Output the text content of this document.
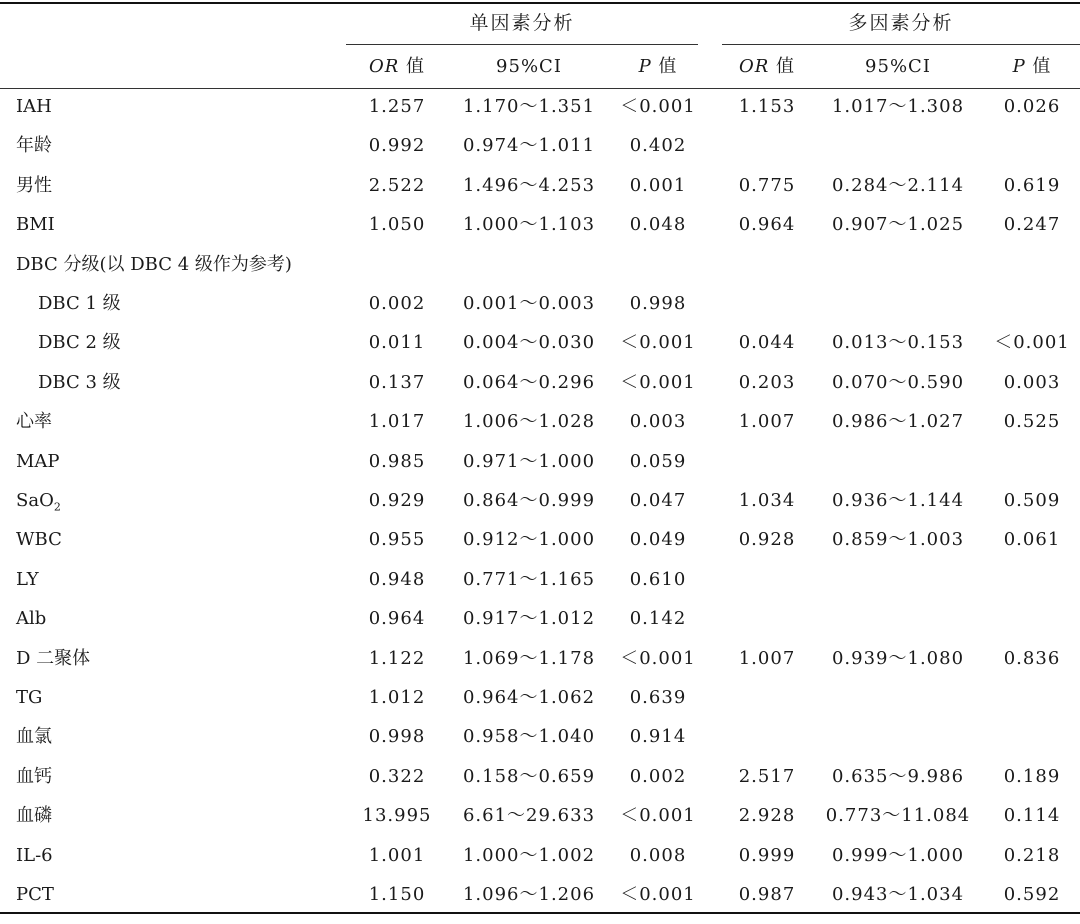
单因素分析	多因素分析
OR 值	95%CI	P 值	OR 值	95%CI	P 值
IAH	1.257	1.170～1.351	＜0.001	1.153	1.017～1.308	0.026
年龄	0.992	0.974～1.011	0.402
男性	2.522	1.496～4.253	0.001	0.775	0.284～2.114	0.619
BMI	1.050	1.000～1.103	0.048	0.964	0.907～1.025	0.247
DBC 分级(以 DBC 4 级作为参考)
DBC 1 级	0.002	0.001～0.003	0.998
DBC 2 级	0.011	0.004～0.030	＜0.001	0.044	0.013～0.153	＜0.001
DBC 3 级	0.137	0.064～0.296	＜0.001	0.203	0.070～0.590	0.003
心率	1.017	1.006～1.028	0.003	1.007	0.986～1.027	0.525
MAP	0.985	0.971～1.000	0.059
SaO$_2$	0.929	0.864～0.999	0.047	1.034	0.936～1.144	0.509
WBC	0.955	0.912～1.000	0.049	0.928	0.859～1.003	0.061
LY	0.948	0.771～1.165	0.610
Alb	0.964	0.917～1.012	0.142
D 二聚体	1.122	1.069～1.178	＜0.001	1.007	0.939～1.080	0.836
TG	1.012	0.964～1.062	0.639
血氯	0.998	0.958～1.040	0.914
血钙	0.322	0.158～0.659	0.002	2.517	0.635～9.986	0.189
血磷	13.995	6.61～29.633	＜0.001	2.928	0.773～11.084	0.114
IL-6	1.001	1.000～1.002	0.008	0.999	0.999～1.000	0.218
PCT	1.150	1.096～1.206	＜0.001	0.987	0.943～1.034	0.592
